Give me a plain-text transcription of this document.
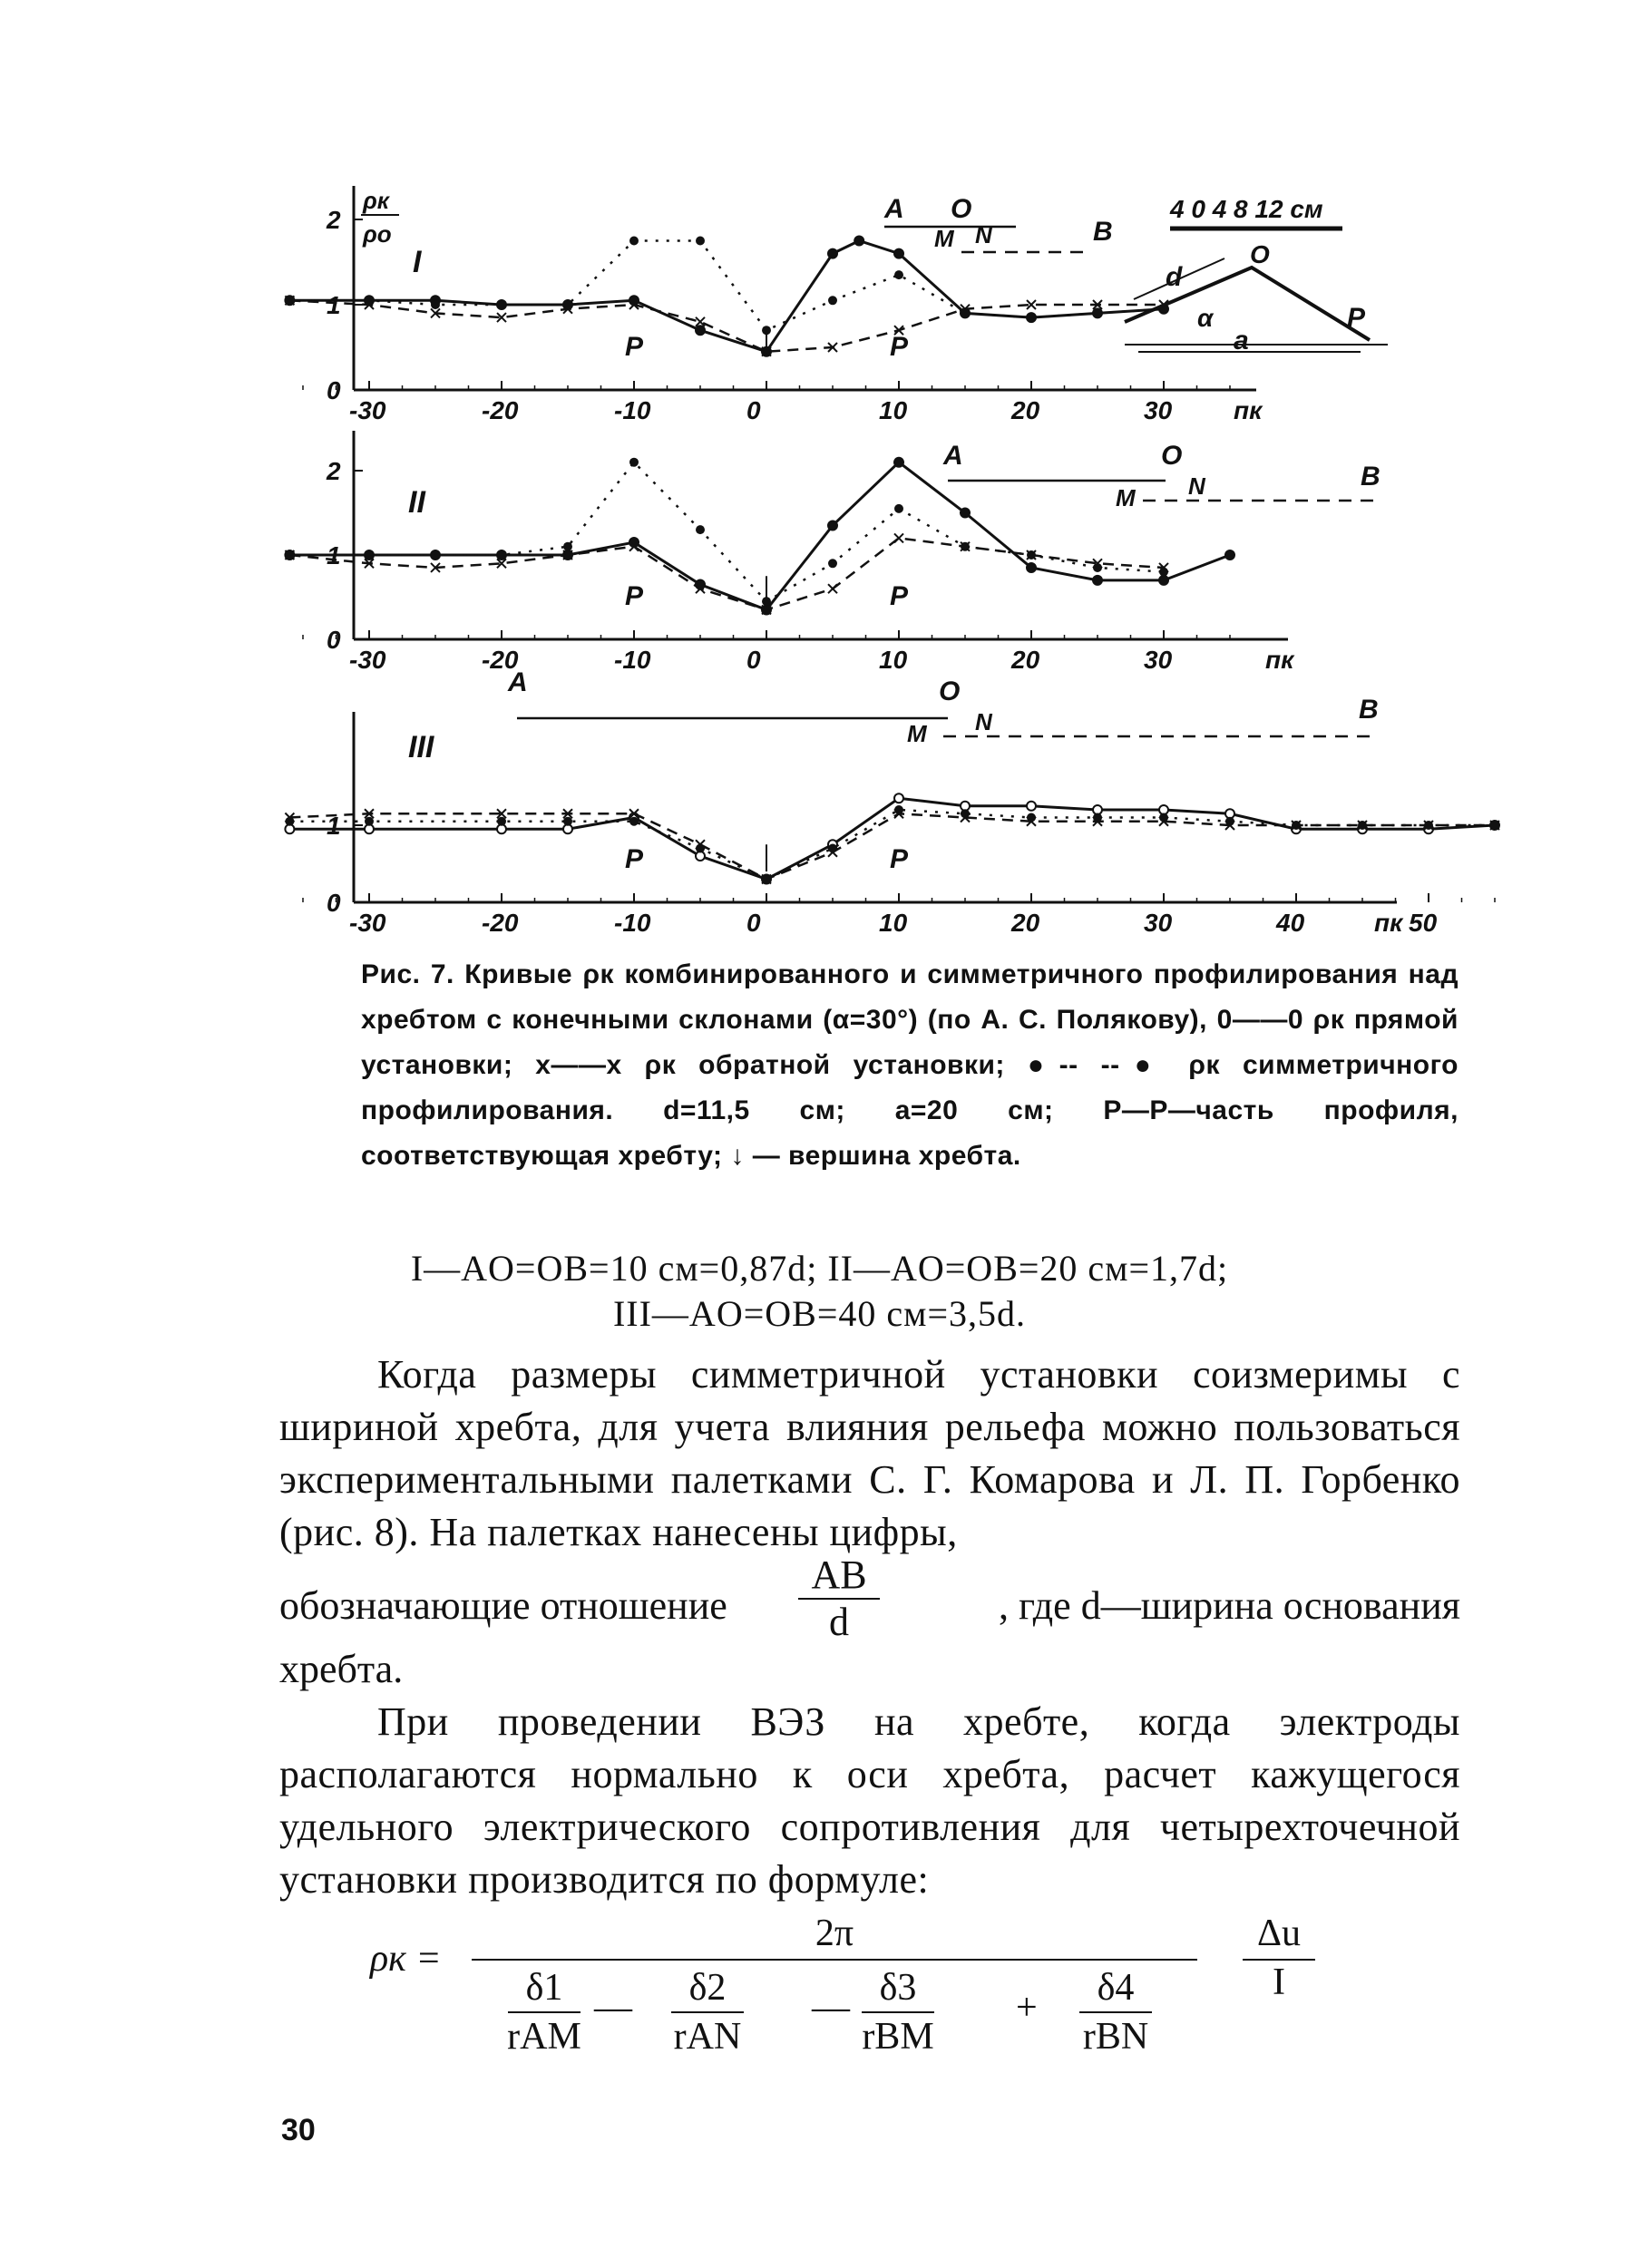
-30	-20	-10	0	10	20	30 пк
0
1
2
I
ρк
ρо
P	P
A O
M N	B
4 0 4 8 12 см
d
α
O
P
a
-30	-20	-10	0	10	20	30	пк
0
1
2
II
P	P
A	O
M N	B
-30	-20	-10	0	10	20	30	40	50
пк
0
1
III
P	P
A	O
M N	B
Рис. 7. Кривые ρк комбинированного и симметричного профилирования над хребтом с конечными склонами (α=30°) (по А. С. Полякову), 0——0 ρк прямой установки; x——x ρк обратной установки; ●-- --● ρк симметричного профилирования. d=11,5 см; a=20 см; P—P—часть профиля, соответствующая хребту; ↓ — вершина хребта.
I—AO=OB=10 см=0,87d; II—AO=OB=20 см=1,7d;
III—AO=OB=40 см=3,5d.
Когда размеры симметричной установки соизмеримы с шириной хребта, для учета влияния рельефа можно пользоваться экспериментальными палетками С. Г. Комарова и Л. П. Горбенко (рис. 8). На палетках нанесены цифры,
обозначающие отношение $\frac{AB}{d}$	, где d—ширина основания
хребта.
При проведении ВЭЗ на хребте, когда электроды располагаются нормально к оси хребта, расчет кажущегося удельного электрического сопротивления для четырехточечной установки производится по формуле:
ρк =
2π
δ1
rAM
—	δ2
rAN
— δ3
rBM
+	δ4
rBN
Δu
I
30
